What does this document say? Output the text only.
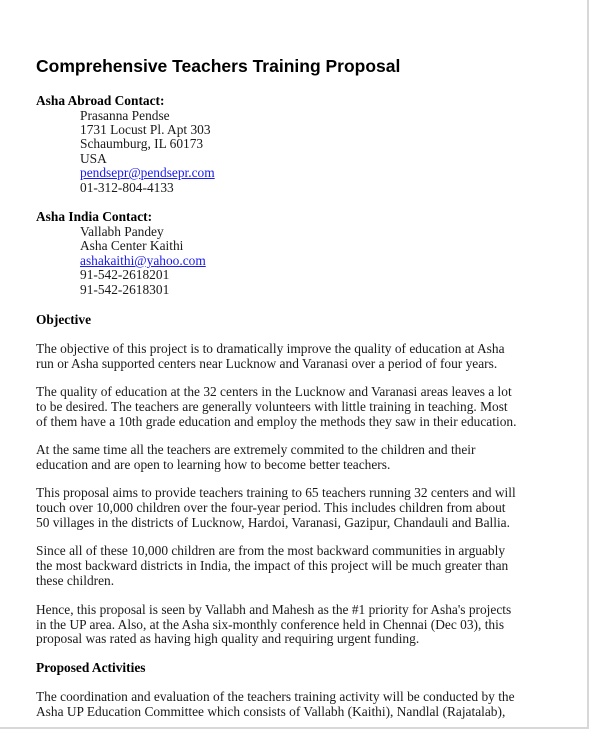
Comprehensive Teachers Training Proposal
Asha Abroad Contact:
Prasanna Pendse
1731 Locust Pl. Apt 303
Schaumburg, IL 60173
USA
pendsepr@pendsepr.com
01-312-804-4133
Asha India Contact:
Vallabh Pandey
Asha Center Kaithi
ashakaithi@yahoo.com
91-542-2618201
91-542-2618301
Objective
The objective of this project is to dramatically improve the quality of education at Asha
run or Asha supported centers near Lucknow and Varanasi over a period of four years.
The quality of education at the 32 centers in the Lucknow and Varanasi areas leaves a lot
to be desired. The teachers are generally volunteers with little training in teaching. Most
of them have a 10th grade education and employ the methods they saw in their education.
At the same time all the teachers are extremely commited to the children and their
education and are open to learning how to become better teachers.
This proposal aims to provide teachers training to 65 teachers running 32 centers and will
touch over 10,000 children over the four-year period. This includes children from about
50 villages in the districts of Lucknow, Hardoi, Varanasi, Gazipur, Chandauli and Ballia.
Since all of these 10,000 children are from the most backward communities in arguably
the most backward districts in India, the impact of this project will be much greater than
these children.
Hence, this proposal is seen by Vallabh and Mahesh as the #1 priority for Asha's projects
in the UP area. Also, at the Asha six-monthly conference held in Chennai (Dec 03), this
proposal was rated as having high quality and requiring urgent funding.
Proposed Activities
The coordination and evaluation of the teachers training activity will be conducted by the
Asha UP Education Committee which consists of Vallabh (Kaithi), Nandlal (Rajatalab),
